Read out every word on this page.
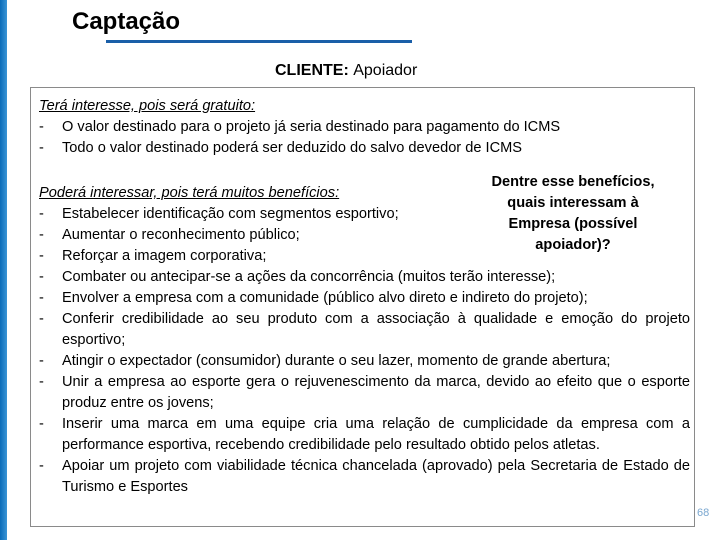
Captação
CLIENTE: Apoiador
Terá interesse, pois será gratuito:
-	O valor destinado para o projeto já seria destinado para pagamento do ICMS
-	Todo o valor destinado poderá ser deduzido do salvo devedor de ICMS
Poderá interessar, pois terá muitos benefícios:
-	Estabelecer identificação com segmentos esportivo;
-	Aumentar o reconhecimento público;
-	Reforçar a imagem corporativa;
-	Combater ou antecipar-se a ações da concorrência (muitos terão interesse);
-	Envolver a empresa com a comunidade (público alvo direto e indireto do projeto);
-	Conferir credibilidade ao seu produto com a associação à qualidade e emoção do projeto esportivo;
-	Atingir o expectador (consumidor) durante o seu lazer, momento de grande abertura;
-	Unir a empresa ao esporte gera o rejuvenescimento da marca, devido ao efeito que o esporte produz entre os jovens;
-	Inserir uma marca em uma equipe cria uma relação de cumplicidade da empresa com a performance esportiva, recebendo credibilidade pelo resultado obtido pelos atletas.
-	Apoiar um projeto com viabilidade técnica chancelada (aprovado) pela Secretaria de Estado de Turismo e Esportes
Dentre esse benefícios,
quais interessam à
Empresa (possível
apoiador)?
68
